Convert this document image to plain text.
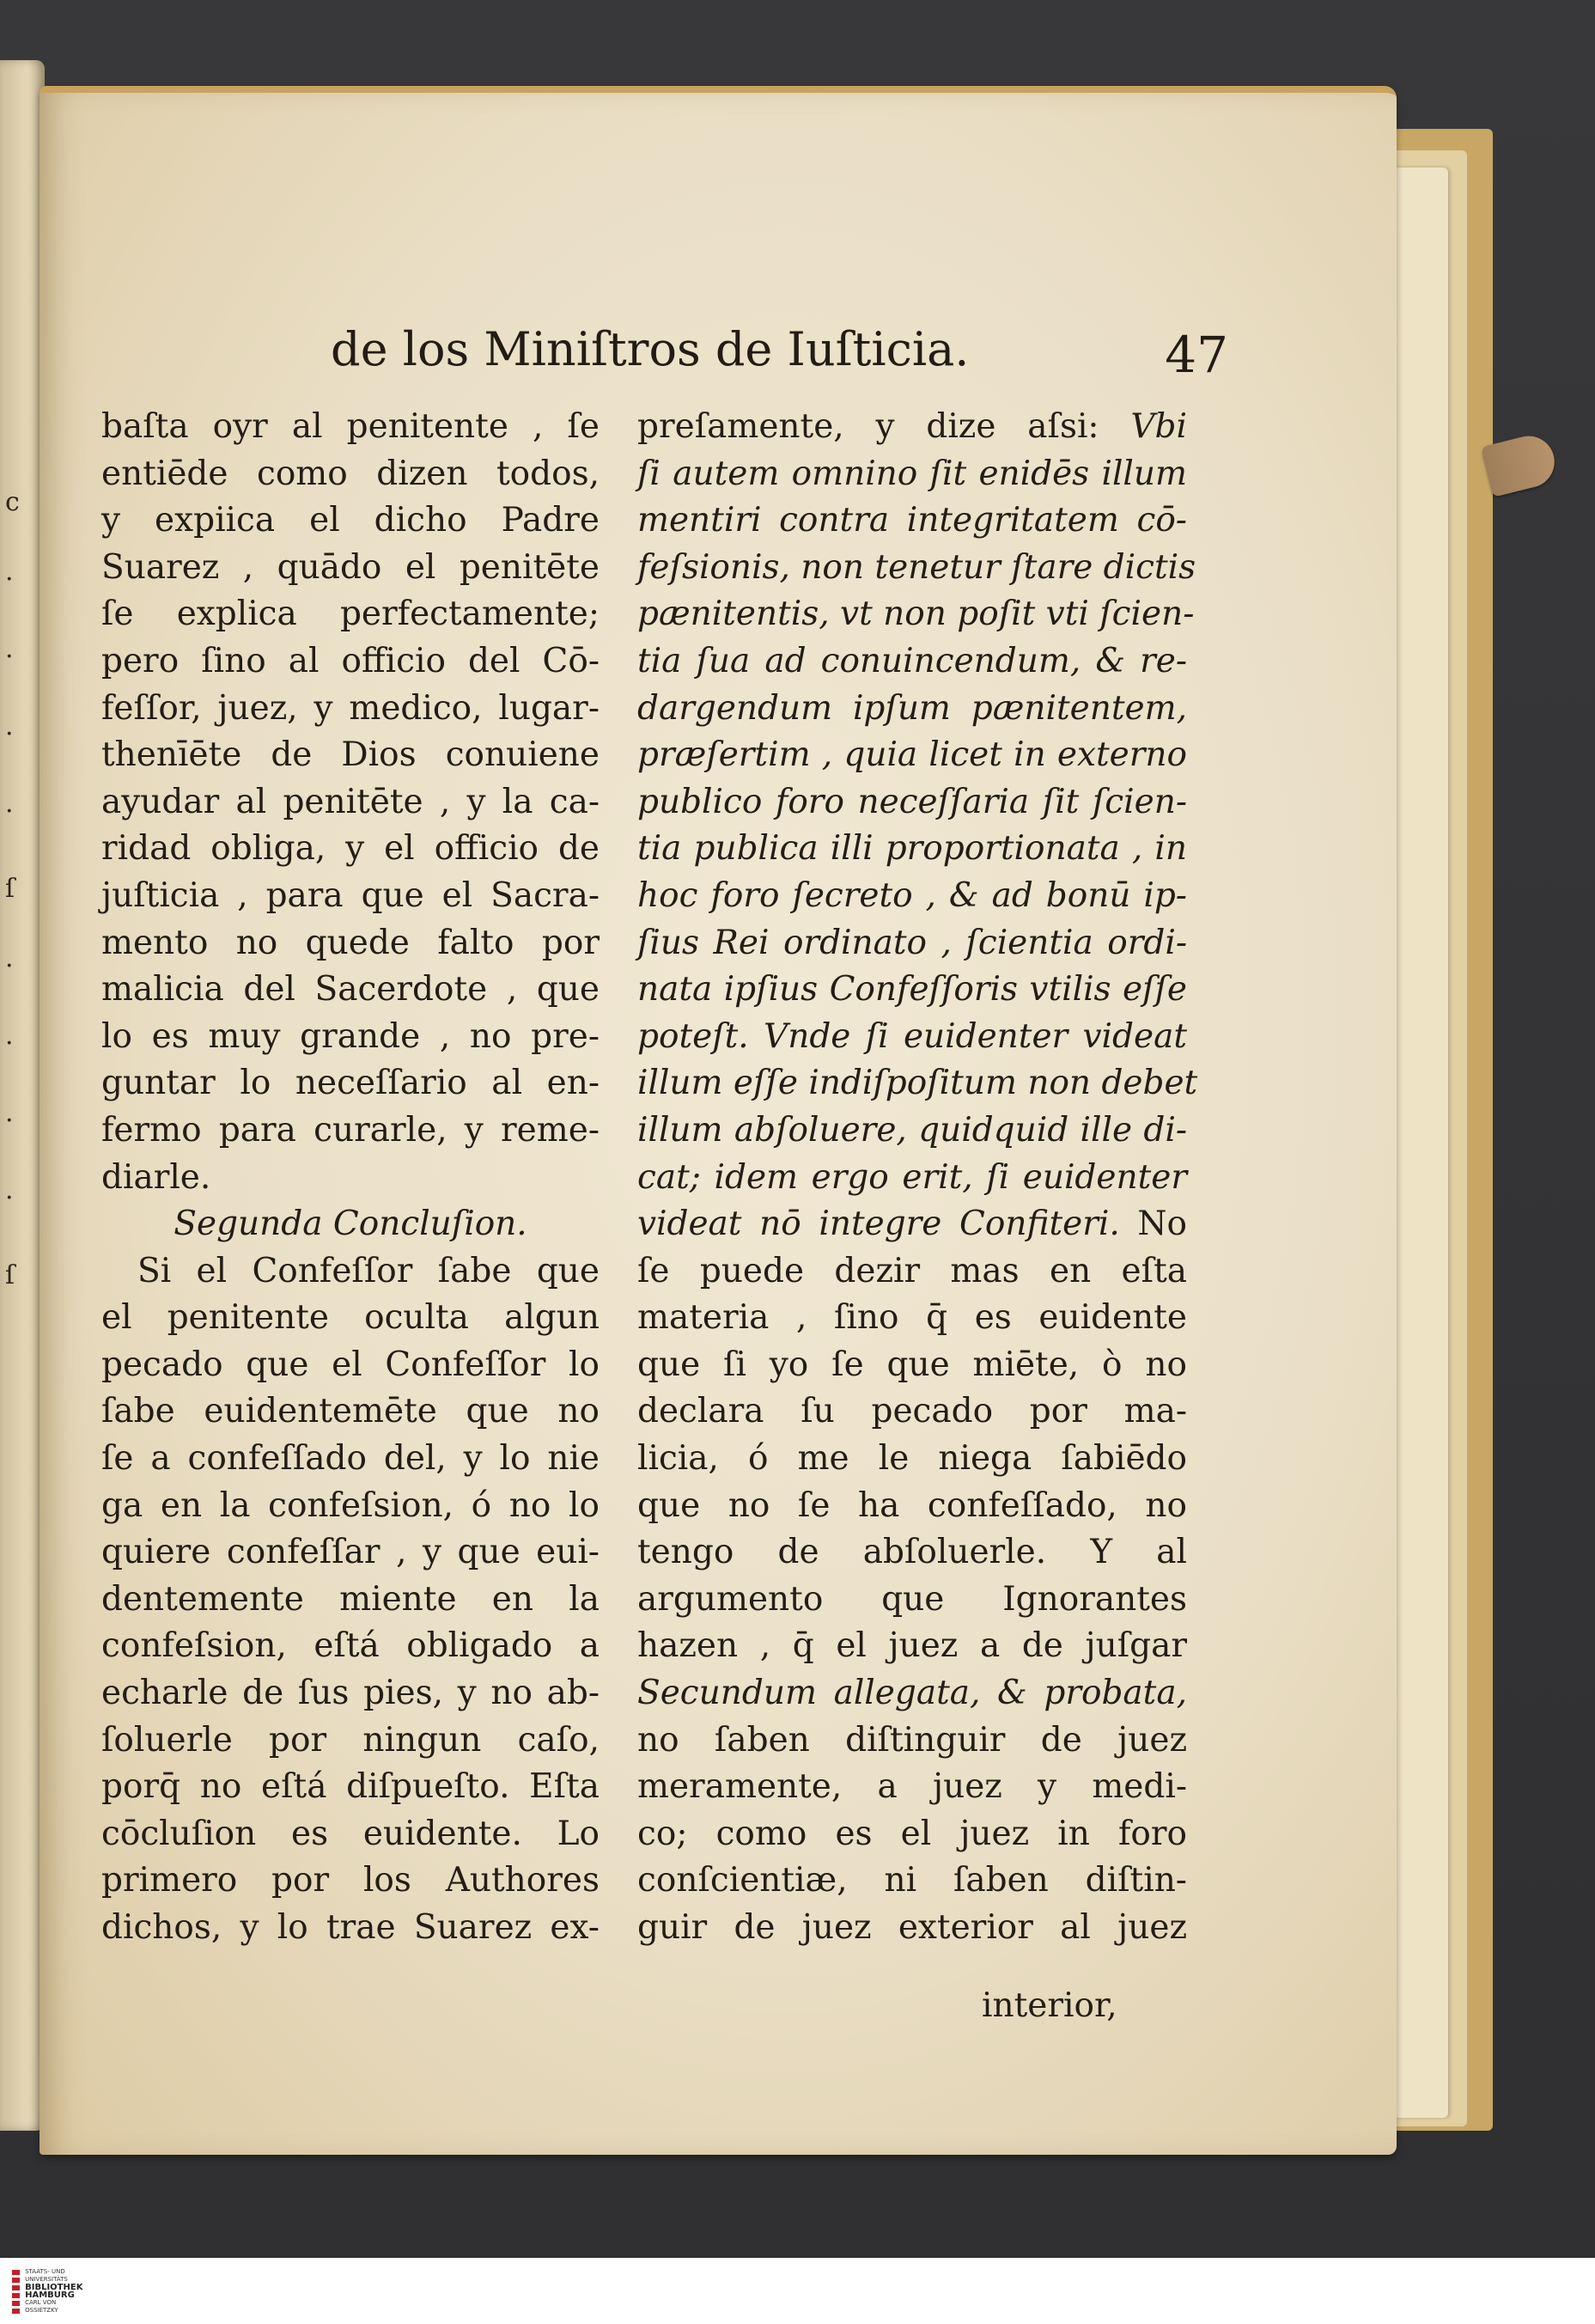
c
·
·
·
·
ſ
·
·
·
·
ſ
de los Miniſtros de Iuſticia.	47
baſta oyr al penitente , ſe
entiēde como dizen todos,
y expiica el dicho Padre
Suarez , quādo el penitēte
ſe explica perfectamente;
pero ſino al officio del Cō-
feſſor, juez, y medico, lugar-
thenīēte de Dios conuiene
ayudar al penitēte , y la ca-
ridad obliga, y el officio de
juſticia , para que el Sacra-
mento no quede falto por
malicia del Sacerdote , que
lo es muy grande , no pre-
guntar lo neceſſario al en-
fermo para curarle, y reme-
diarle.
Segunda Concluſion.
Si el Confeſſor ſabe que
el penitente oculta algun
pecado que el Confeſſor lo
ſabe euidentemēte que no
ſe a confeſſado del, y lo nie
ga en la confeſsion, ó no lo
quiere confeſſar , y que eui-
dentemente miente en la
confeſsion, eſtá obligado a
echarle de ſus pies, y no ab-
ſoluerle por ningun caſo,
porq̄ no eſtá diſpueſto. Eſta
cōcluſion es euidente. Lo
primero por los Authores
dichos, y lo trae Suarez ex-
preſamente, y dize aſsi: Vbi
ſi autem omnino ſit enidēs illum
mentiri contra integritatem cō-
feſsionis, non tenetur ſtare dictis
pænitentis, vt non poſit vti ſcien-
tia ſua ad conuincendum, & re-
dargendum ipſum pænitentem,
præſertim , quia licet in externo
publico foro neceſſaria ſit ſcien-
tia publica illi proportionata , in
hoc foro ſecreto , & ad bonū ip-
ſius Rei ordinato , ſcientia ordi-
nata ipſius Confeſſoris vtilis eſſe
poteſt. Vnde ſi euidenter videat
illum eſſe indiſpoſitum non debet
illum abſoluere, quidquid ille di-
cat; idem ergo erit, ſi euidenter
videat nō integre Confiteri. No
ſe puede dezir mas en eſta
materia , ſino q̄ es euidente
que ſi yo ſe que miēte, ò no
declara ſu pecado por ma-
licia, ó me le niega ſabiēdo
que no ſe ha confeſſado, no
tengo de abſoluerle. Y al
argumento que Ignorantes
hazen , q̄ el juez a de juſgar
Secundum allegata, & probata,
no ſaben diſtinguir de juez
meramente, a juez y medi-
co; como es el juez in foro
conſcientiæ, ni ſaben diſtin-
guir de juez exterior al juez
interior,
STAATS- UND UNIVERSITÄTS
BIBLIOTHEK
HAMBURG
CARL VON OSSIETZKY
